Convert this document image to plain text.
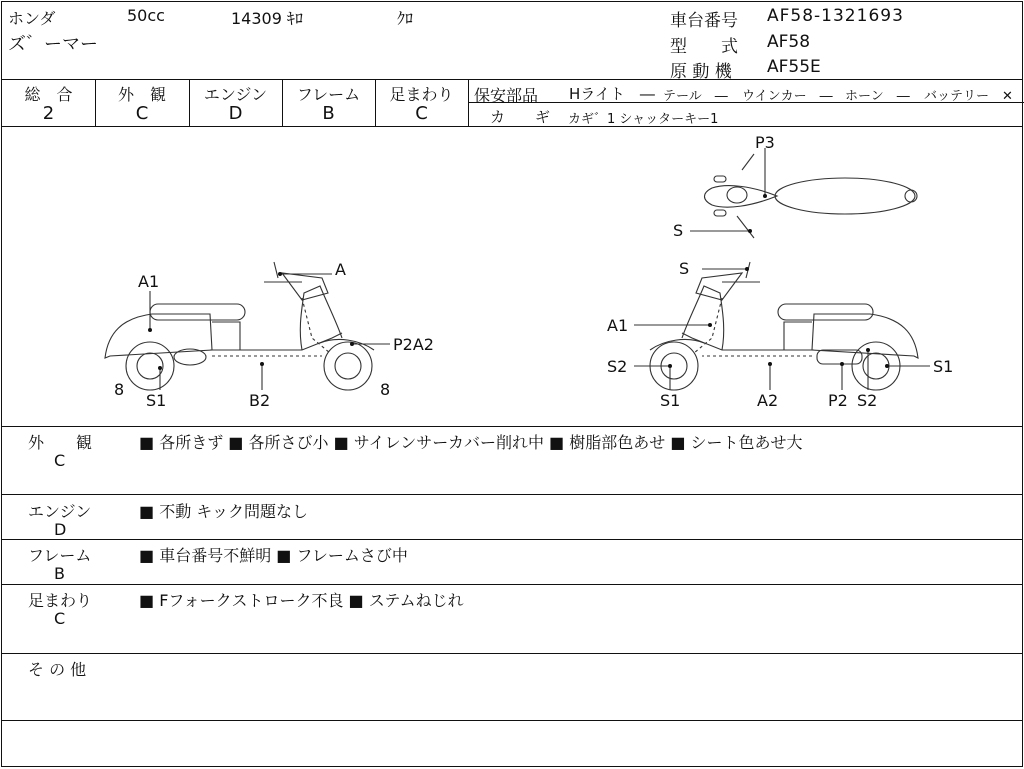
ホンダ	50cc	14309 ｷﾛ	ｸﾛ
ズ゛ーマー
車台番号 AF58-1321693
型　　式 AF58
原 動 機 AF55E
総　合
2
外　観
C
エンジン
D
フレーム
B
足まわり
C
保安部品 Hライト　― テール　― ウインカー　― ホーン　― バッテリー　✕
カ　　ギ カギ゛1 シャッターキー1
A1
A
P2A2
8
S1	B2
8
P3
S
S
A1
S2
S1	A2	P2 S2
S1
外　　観
C
■ 各所きず ■ 各所さび小 ■ サイレンサーカバー削れ中 ■ 樹脂部色あせ ■ シート色あせ大
エンジン
D
■ 不動 キック問題なし
フレーム
B
■ 車台番号不鮮明 ■ フレームさび中
足まわり
C
■ Fフォークストローク不良 ■ ステムねじれ
そ の 他
